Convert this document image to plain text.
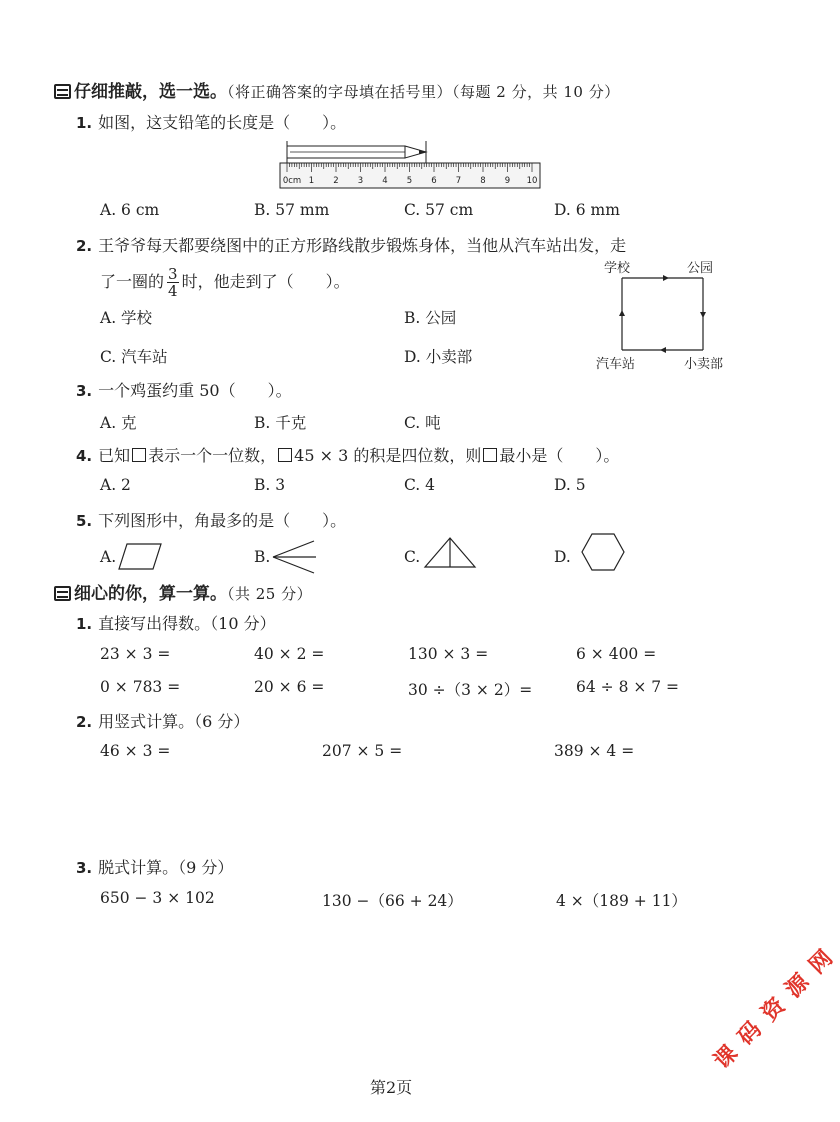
仔细推敲，选一选。（将正确答案的字母填在括号里）（每题 2 分，共 10 分）
1. 如图，这支铅笔的长度是（　　）。
0cm 1 2 3 4 5 6 7 8 9 10
A. 6 cm	B. 57 mm	C. 57 cm	D. 6 mm
2. 王爷爷每天都要绕图中的正方形路线散步锻炼身体，当他从汽车站出发，走
了一圈的 $\frac{3}{4}$ 时，他走到了（　　）。
学校	公园
汽车站	小卖部
A. 学校	B. 公园
C. 汽车站	D. 小卖部
3. 一个鸡蛋约重 50（　　）。
A. 克	B. 千克	C. 吨
4. 已知 表示一个一位数， 45 × 3 的积是四位数，则 最小是（　　）。
A. 2	B. 3	C. 4	D. 5
5. 下列图形中，角最多的是（　　）。
A.	B.	C.	D.
细心的你，算一算。（共 25 分）
1. 直接写出得数。（10 分）
23 × 3 =	40 × 2 =	130 × 3 =	6 × 400 =
0 × 783 =	20 × 6 =	30 ÷（3 × 2）=	64 ÷ 8 × 7 =
2. 用竖式计算。（6 分）
46 × 3 =	207 × 5 =	389 × 4 =
3. 脱式计算。（9 分）
650 − 3 × 102	130 −（66 + 24）	4 ×（189 + 11）
课 码 资 源 网
第2页
